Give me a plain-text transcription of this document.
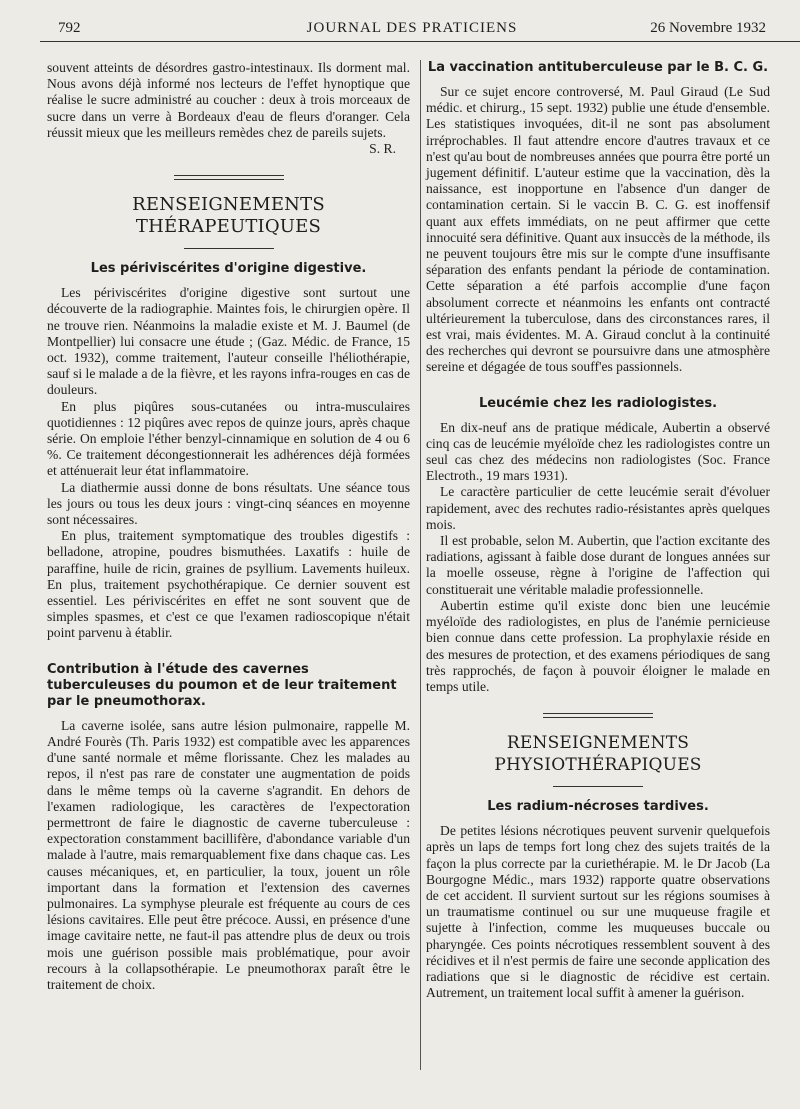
792	JOURNAL DES PRATICIENS	26 Novembre 1932

souvent atteints de désordres gastro-intestinaux. Ils dorment mal. Nous avons déjà informé nos lecteurs de l'effet hynoptique que réalise le sucre administré au coucher : deux à trois morceaux de sucre dans un verre à Bordeaux d'eau de fleurs d'oranger. Cela réussit mieux que les meilleurs remèdes chez de pareils sujets.

S. R.
RENSEIGNEMENTS THÉRAPEUTIQUES
Les périviscérites d'origine digestive.

Les périviscérites d'origine digestive sont surtout une découverte de la radiographie. Maintes fois, le chirurgien opère. Il ne trouve rien. Néanmoins la maladie existe et M. J. Baumel (de Montpellier) lui consacre une étude ; (Gaz. Médic. de France, 15 oct. 1932), comme traitement, l'auteur conseille l'héliothérapie, sauf si le malade a de la fièvre, et les rayons infra-rouges en cas de douleurs.

En plus piqûres sous-cutanées ou intra-musculaires quotidiennes : 12 piqûres avec repos de quinze jours, après chaque série. On emploie l'éther benzyl-cinnamique en solution de 4 ou 6 %. Ce traitement décongestionnerait les adhérences déjà formées et atténuerait leur état inflammatoire.

La diathermie aussi donne de bons résultats. Une séance tous les jours ou tous les deux jours : vingt-cinq séances en moyenne sont nécessaires.

En plus, traitement symptomatique des troubles digestifs : belladone, atropine, poudres bismuthées. Laxatifs : huile de paraffine, huile de ricin, graines de psyllium. Lavements huileux. En plus, traitement psychothérapique. Ce dernier souvent est essentiel. Les périviscérites en effet ne sont souvent que de simples spasmes, et c'est ce que l'examen radioscopique n'était point parvenu à établir.

Contribution à l'étude des cavernes tuberculeuses du poumon et de leur traitement par le pneumothorax.

La caverne isolée, sans autre lésion pulmonaire, rappelle M. André Fourès (Th. Paris 1932) est compatible avec les apparences d'une santé normale et même florissante. Chez les malades au repos, il n'est pas rare de constater une augmentation de poids dans le même temps où la caverne s'agrandit. En dehors de l'examen radiologique, les caractères de l'expectoration permettront de faire le diagnostic de caverne tuberculeuse : expectoration constamment bacillifère, d'abondance variable d'un malade à l'autre, mais remarquablement fixe dans chaque cas. Les causes mécaniques, et, en particulier, la toux, jouent un rôle important dans la formation et l'extension des cavernes pulmonaires. La symphyse pleurale est fréquente au cours de ces lésions cavitaires. Elle peut être précoce. Aussi, en présence d'une image cavitaire nette, ne faut-il pas attendre plus de deux ou trois mois une guérison possible mais problématique, pour avoir recours à la collapsothérapie. Le pneumothorax paraît être le traitement de choix.

La vaccination antituberculeuse par le B. C. G.

Sur ce sujet encore controversé, M. Paul Giraud (Le Sud médic. et chirurg., 15 sept. 1932) publie une étude d'ensemble. Les statistiques invoquées, dit-il ne sont pas absolument irréprochables. Il faut attendre encore d'autres travaux et ce n'est qu'au bout de nombreuses années que pourra être porté un jugement définitif. L'auteur estime que la vaccination, dès la naissance, est inopportune en l'absence d'un danger de contamination certain. Si le vaccin B. C. G. est inoffensif quant aux effets immédiats, on ne peut affirmer que cette innocuité sera définitive. Quant aux insuccès de la méthode, ils ne peuvent toujours être mis sur le compte d'une insuffisante séparation des enfants pendant la période de contamination. Cette séparation a été parfois accomplie d'une façon absolument correcte et néanmoins les enfants ont contracté ultérieurement la tuberculose, dans des circonstances rares, il est vrai, mais évidentes. M. A. Giraud conclut à la continuité des recherches qui devront se poursuivre dans une atmosphère sereine et dégagée de tous souff'es passionnels.

Leucémie chez les radiologistes.

En dix-neuf ans de pratique médicale, Aubertin a observé cinq cas de leucémie myéloïde chez les radiologistes contre un seul cas chez des médecins non radiologistes (Soc. France Electroth., 19 mars 1931).

Le caractère particulier de cette leucémie serait d'évoluer rapidement, avec des rechutes radio-résistantes après quelques mois.

Il est probable, selon M. Aubertin, que l'action excitante des radiations, agissant à faible dose durant de longues années sur la moelle osseuse, règne à l'origine de l'affection qui constituerait une véritable maladie professionnelle.

Aubertin estime qu'il existe donc bien une leucémie myéloïde des radiologistes, en plus de l'anémie pernicieuse bien connue dans cette profession. La prophylaxie réside en des mesures de protection, et des examens périodiques de sang très rapprochés, de façon à pouvoir éloigner le malade en temps utile.

RENSEIGNEMENTS PHYSIOTHÉRAPIQUES
Les radium-nécroses tardives.

De petites lésions nécrotiques peuvent survenir quelquefois après un laps de temps fort long chez des sujets traités de la façon la plus correcte par la curiethérapie. M. le Dr Jacob (La Bourgogne Médic., mars 1932) rapporte quatre observations de cet accident. Il survient surtout sur les régions soumises à un traumatisme continuel ou sur une muqueuse fragile et sujette à l'infection, comme les muqueuses buccale ou pharyngée. Ces points nécrotiques ressemblent souvent à des récidives et il n'est permis de faire une seconde application des radiations que si le diagnostic de récidive est certain. Autrement, un traitement local suffit à amener la guérison.
